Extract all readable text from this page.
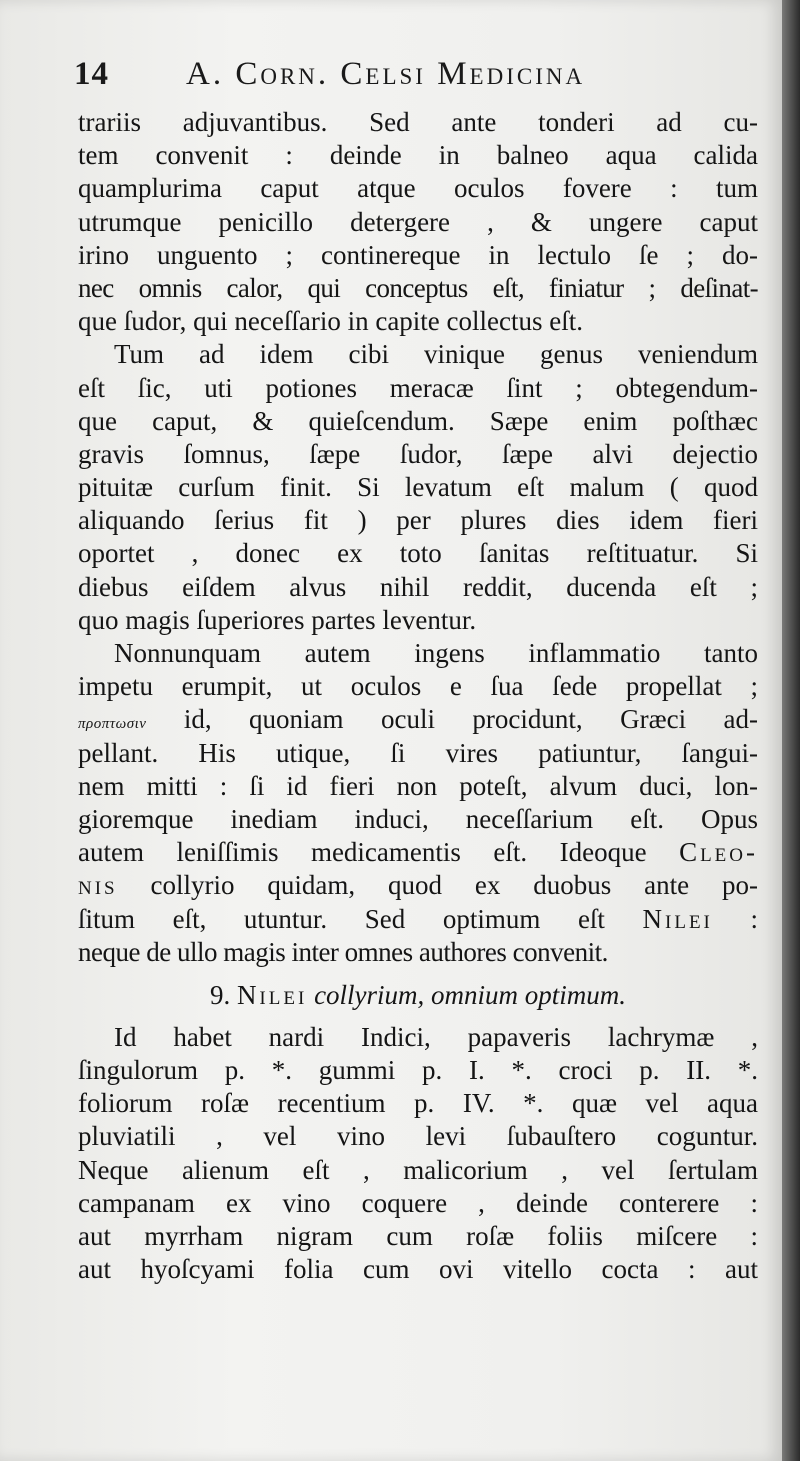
14 A. Corn. Celsi Medicina
trariis adjuvantibus. Sed ante tonderi ad cu-
tem convenit : deinde in balneo aqua calida
quamplurima caput atque oculos fovere : tum
utrumque penicillo detergere , & ungere caput
irino unguento ; continereque in lectulo ſe ; do-
nec omnis calor, qui conceptus eſt, finiatur ; deſinat-
que ſudor, qui neceſſario in capite collectus eſt.
Tum ad idem cibi vinique genus veniendum
eſt ſic, uti potiones meracæ ſint ; obtegendum-
que caput, & quieſcendum. Sæpe enim poſthæc
gravis ſomnus, ſæpe ſudor, ſæpe alvi dejectio
pituitæ curſum finit. Si levatum eſt malum ( quod
aliquando ſerius fit ) per plures dies idem fieri
oportet , donec ex toto ſanitas reſtituatur. Si
diebus eiſdem alvus nihil reddit, ducenda eſt ;
quo magis ſuperiores partes leventur.
Nonnunquam autem ingens inflammatio tanto
impetu erumpit, ut oculos e ſua ſede propellat ;
προπτωσιν id, quoniam oculi procidunt, Græci ad-
pellant. His utique, ſi vires patiuntur, ſangui-
nem mitti : ſi id fieri non poteſt, alvum duci, lon-
gioremque inediam induci, neceſſarium eſt. Opus
autem leniſſimis medicamentis eſt. Ideoque Cleo-
nis collyrio quidam, quod ex duobus ante po-
ſitum eſt, utuntur. Sed optimum eſt Nilei :
neque de ullo magis inter omnes authores convenit.
9. Nilei collyrium, omnium optimum.
Id habet nardi Indici, papaveris lachrymæ ,
ſingulorum p. *. gummi p. I. *. croci p. II. *.
foliorum roſæ recentium p. IV. *. quæ vel aqua
pluviatili , vel vino levi ſubauſtero coguntur.
Neque alienum eſt , malicorium , vel ſertulam
campanam ex vino coquere , deinde conterere :
aut myrrham nigram cum roſæ foliis miſcere :
aut hyoſcyami folia cum ovi vitello cocta : aut
